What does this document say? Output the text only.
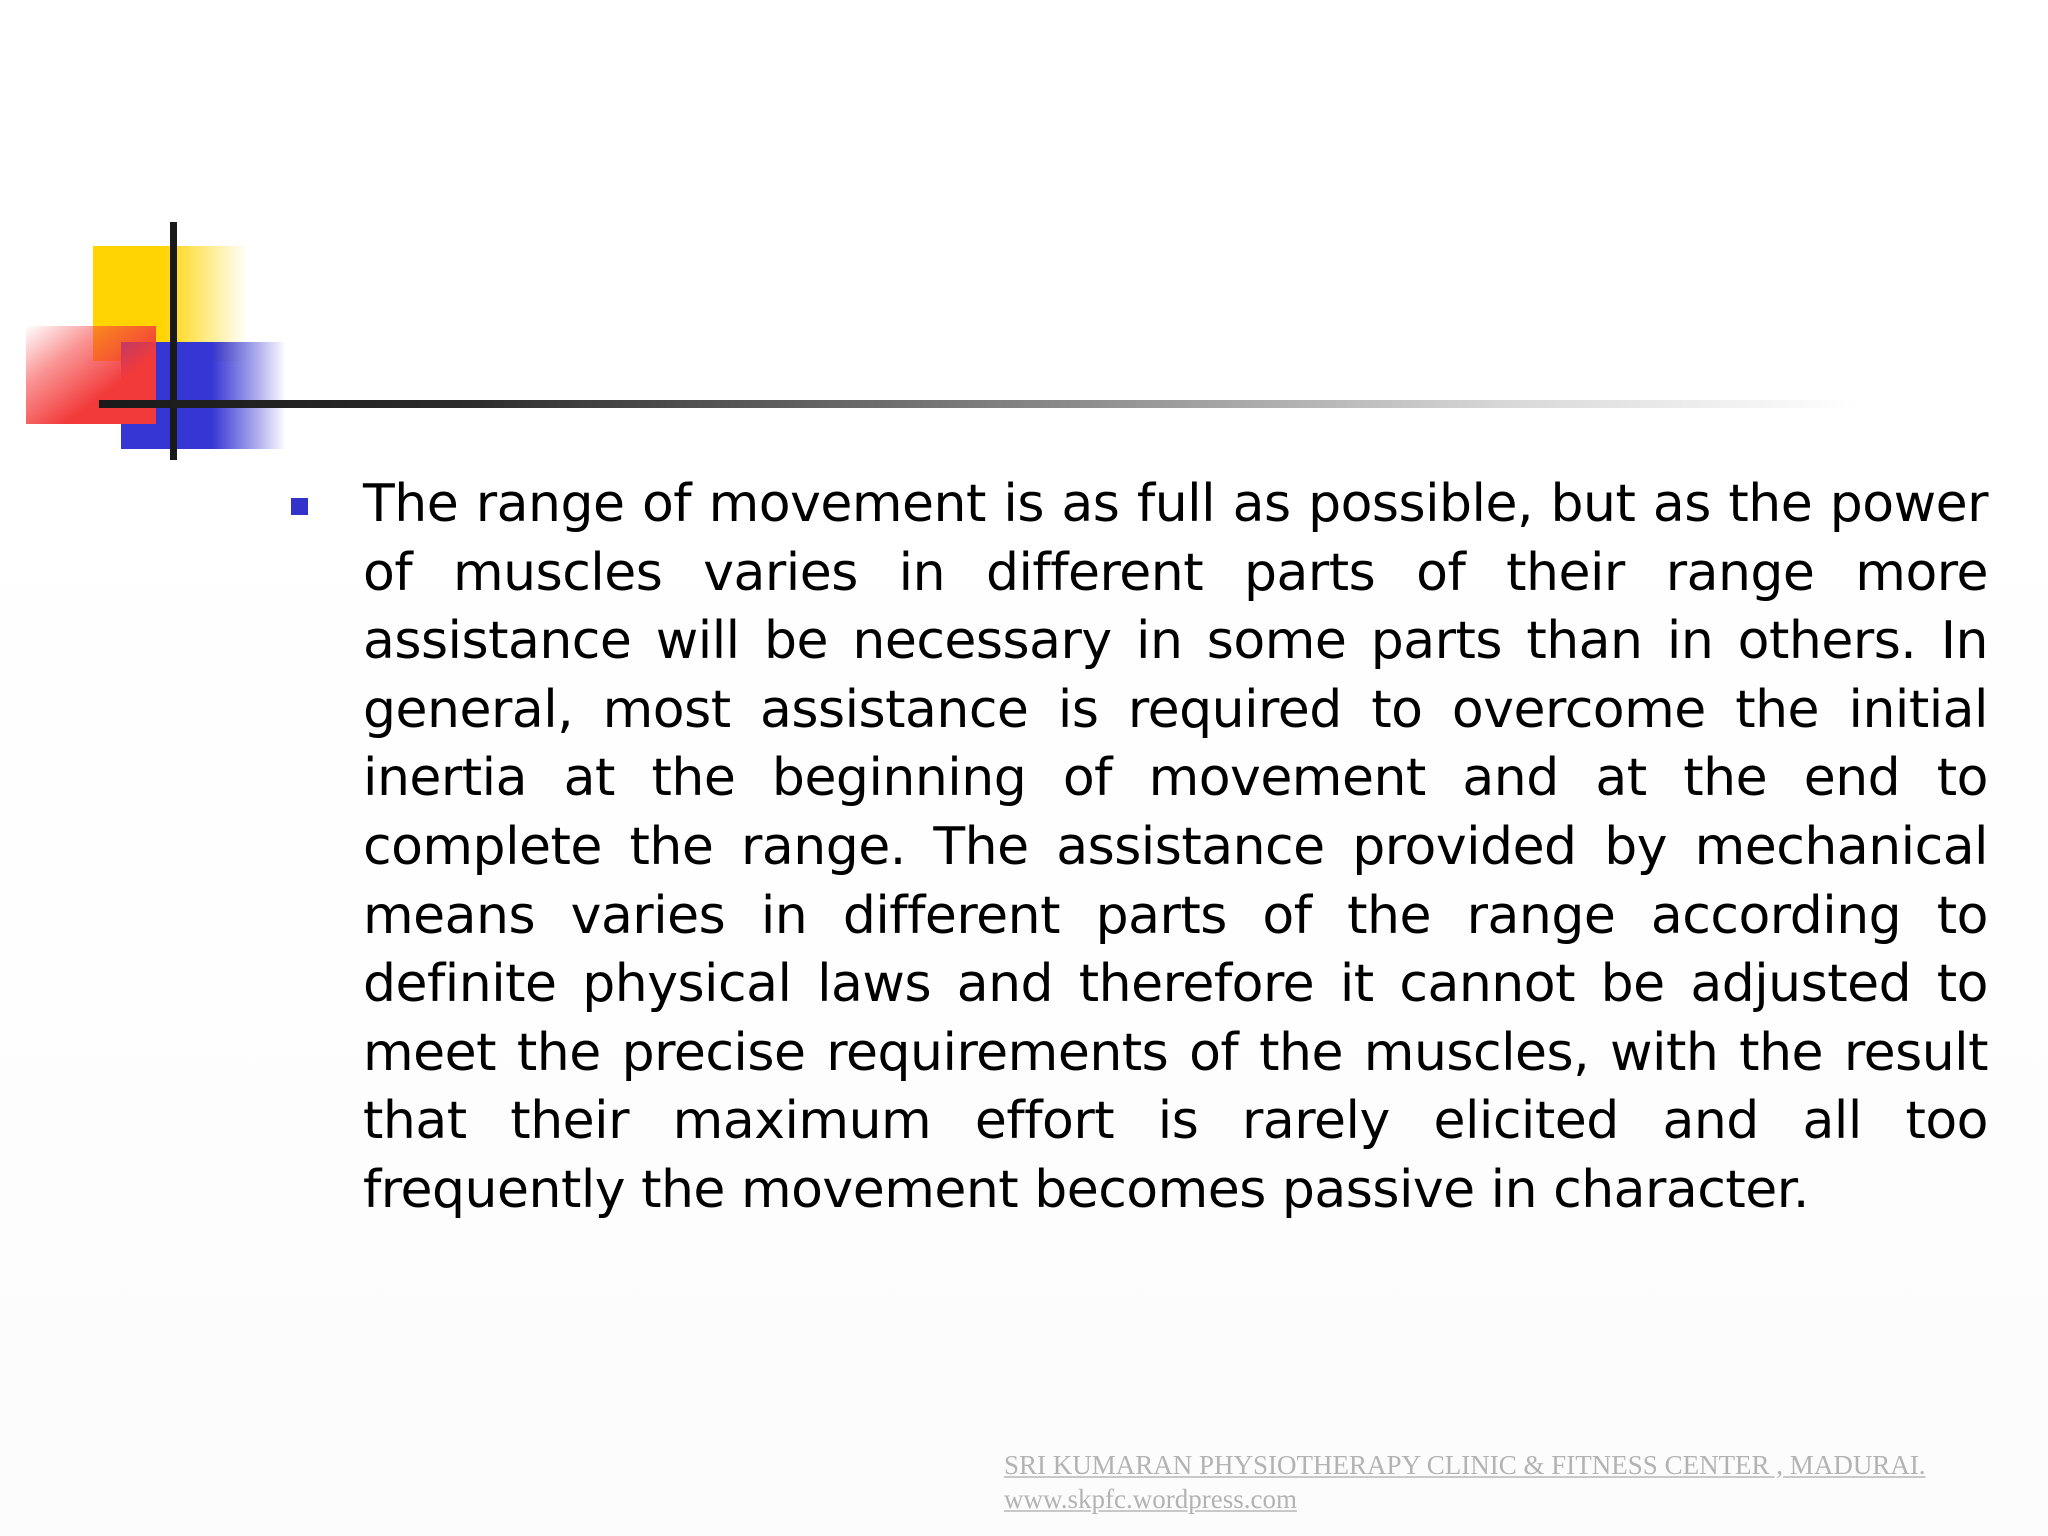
The range of movement is as full as possible, but as the power of muscles varies in different parts of their range more assistance will be necessary in some parts than in others. In general, most assistance is required to overcome the initial inertia at the beginning of movement and at the end to complete the range. The assistance provided by mechanical means varies in different parts of the range according to definite physical laws and therefore it cannot be adjusted to meet the precise requirements of the muscles, with the result that their maximum effort is rarely elicited and all too frequently the movement becomes passive in character.

SRI KUMARAN PHYSIOTHERAPY CLINIC & FITNESS CENTER , MADURAI.
www.skpfc.wordpress.com
